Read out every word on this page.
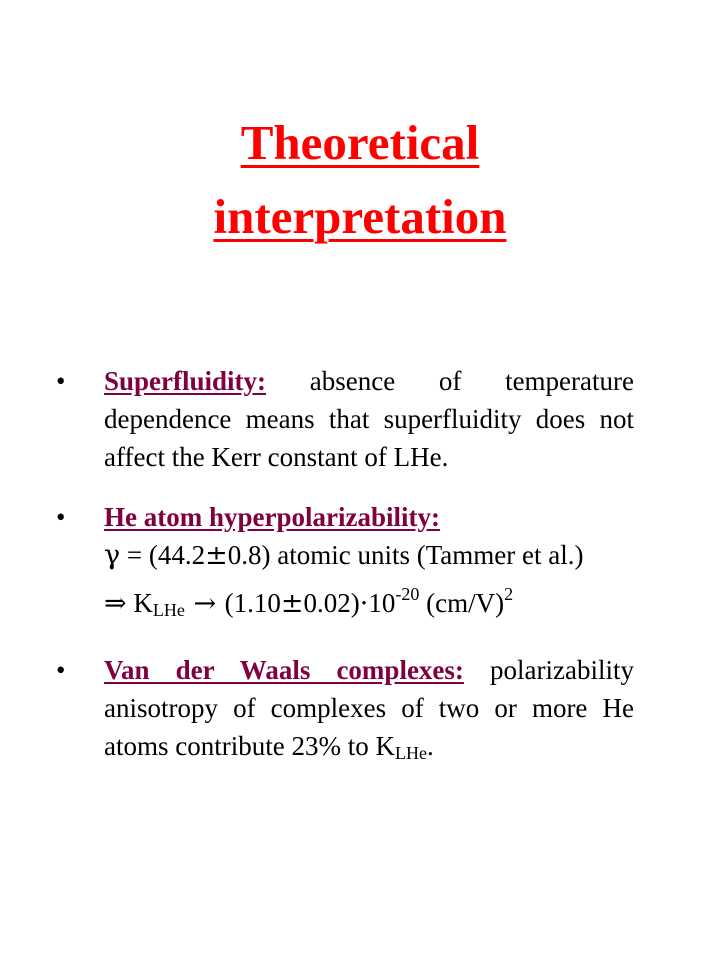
Theoretical
interpretation
• Superfluidity: absence of temperature dependence means that superfluidity does not affect the Kerr constant of LHe.
• He atom hyperpolarizability:
γ = (44.2±0.8) atomic units (Tammer et al.)
⇒ $K_{LHe} \to (1.10\pm 0.02)\cdot 10^{-20}$ $(cm/V)^2$
• Van der Waals complexes: polarizability anisotropy of complexes of two or more He atoms contribute 23% to $K_{LHe}$.
